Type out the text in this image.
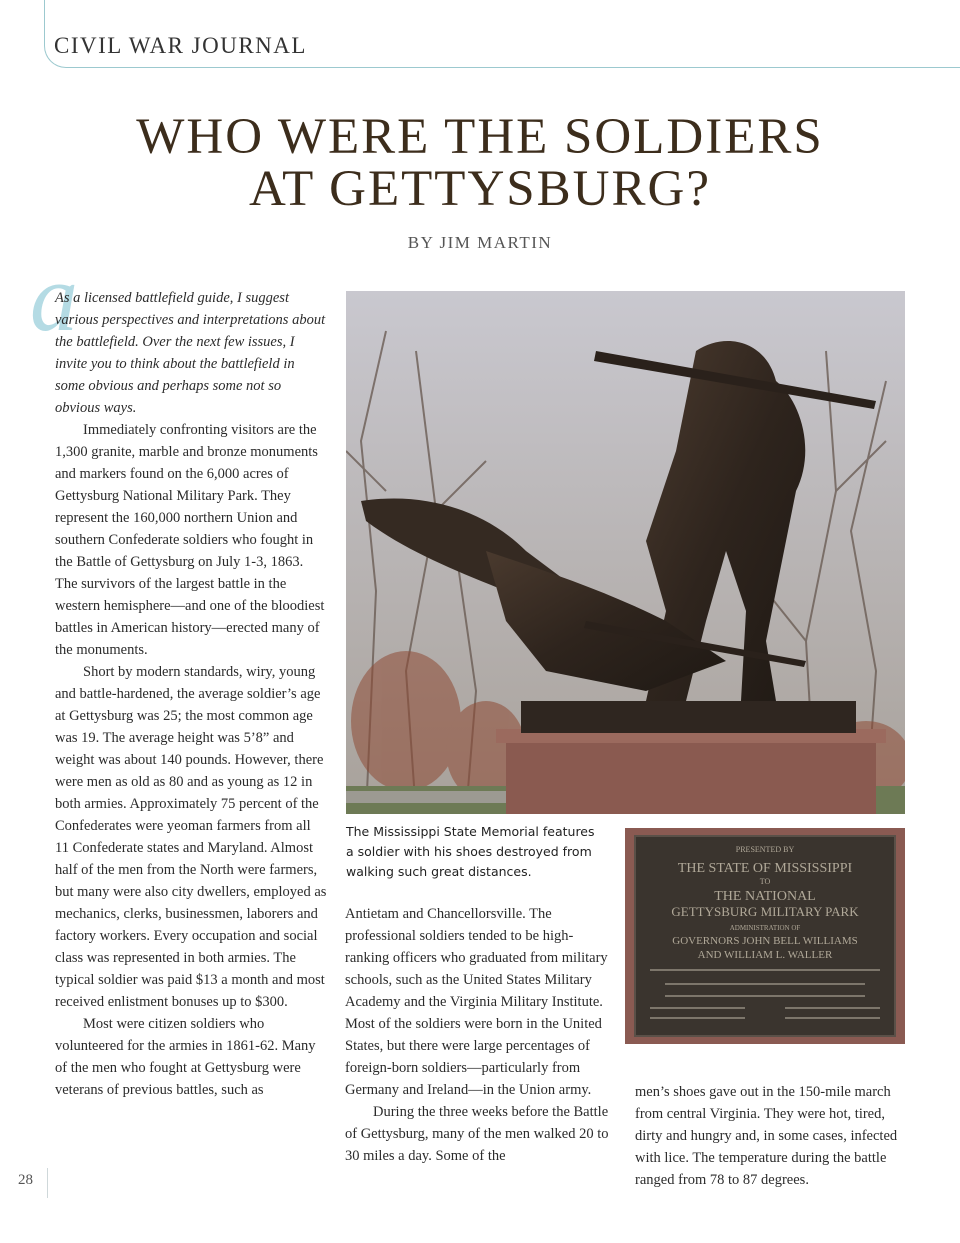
CIVIL WAR JOURNAL
WHO WERE THE SOLDIERS
AT GETTYSBURG?
BY JIM MARTIN
a

As a licensed battlefield guide, I suggest various perspectives and interpretations about the battlefield. Over the next few issues, I invite you to think about the battlefield in some obvious and perhaps some not so obvious ways.

Immediately confronting visitors are the 1,300 granite, marble and bronze monuments and markers found on the 6,000 acres of Gettysburg National Military Park. They represent the 160,000 northern Union and southern Confederate soldiers who fought in the Battle of Gettysburg on July 1-3, 1863. The survivors of the largest battle in the western hemisphere—and one of the bloodiest battles in American history—erected many of the monuments.

Short by modern standards, wiry, young and battle-hardened, the average soldier’s age at Gettysburg was 25; the most common age was 19. The average height was 5’8” and weight was about 140 pounds. However, there were men as old as 80 and as young as 12 in both armies. Approximately 75 percent of the Confederates were yeoman farmers from all 11 Confederate states and Maryland. Almost half of the men from the North were farmers, but many were also city dwellers, employed as mechanics, clerks, businessmen, laborers and factory workers. Every occupation and social class was represented in both armies. The typical soldier was paid $13 a month and most received enlistment bonuses up to $300.

Most were citizen soldiers who volunteered for the armies in 1861-62. Many of the men who fought at Gettysburg were veterans of previous battles, such as

The Mississippi State Memorial features a soldier with his shoes destroyed from walking such great distances.
PRESENTED BY
THE STATE OF MISSISSIPPI
TO
THE NATIONAL
GETTYSBURG MILITARY PARK
ADMINISTRATION OF
GOVERNORS JOHN BELL WILLIAMS
AND WILLIAM L. WALLER

Antietam and Chancellorsville. The professional soldiers tended to be high-ranking officers who graduated from military schools, such as the United States Military Academy and the Virginia Military Institute. Most of the soldiers were born in the United States, but there were large percentages of foreign-born soldiers—particularly from Germany and Ireland—in the Union army.

During the three weeks before the Battle of Gettysburg, many of the men walked 20 to 30 miles a day. Some of the

men’s shoes gave out in the 150-mile march from central Virginia. They were hot, tired, dirty and hungry and, in some cases, infected with lice. The temperature during the battle ranged from 78 to 87 degrees.

28
